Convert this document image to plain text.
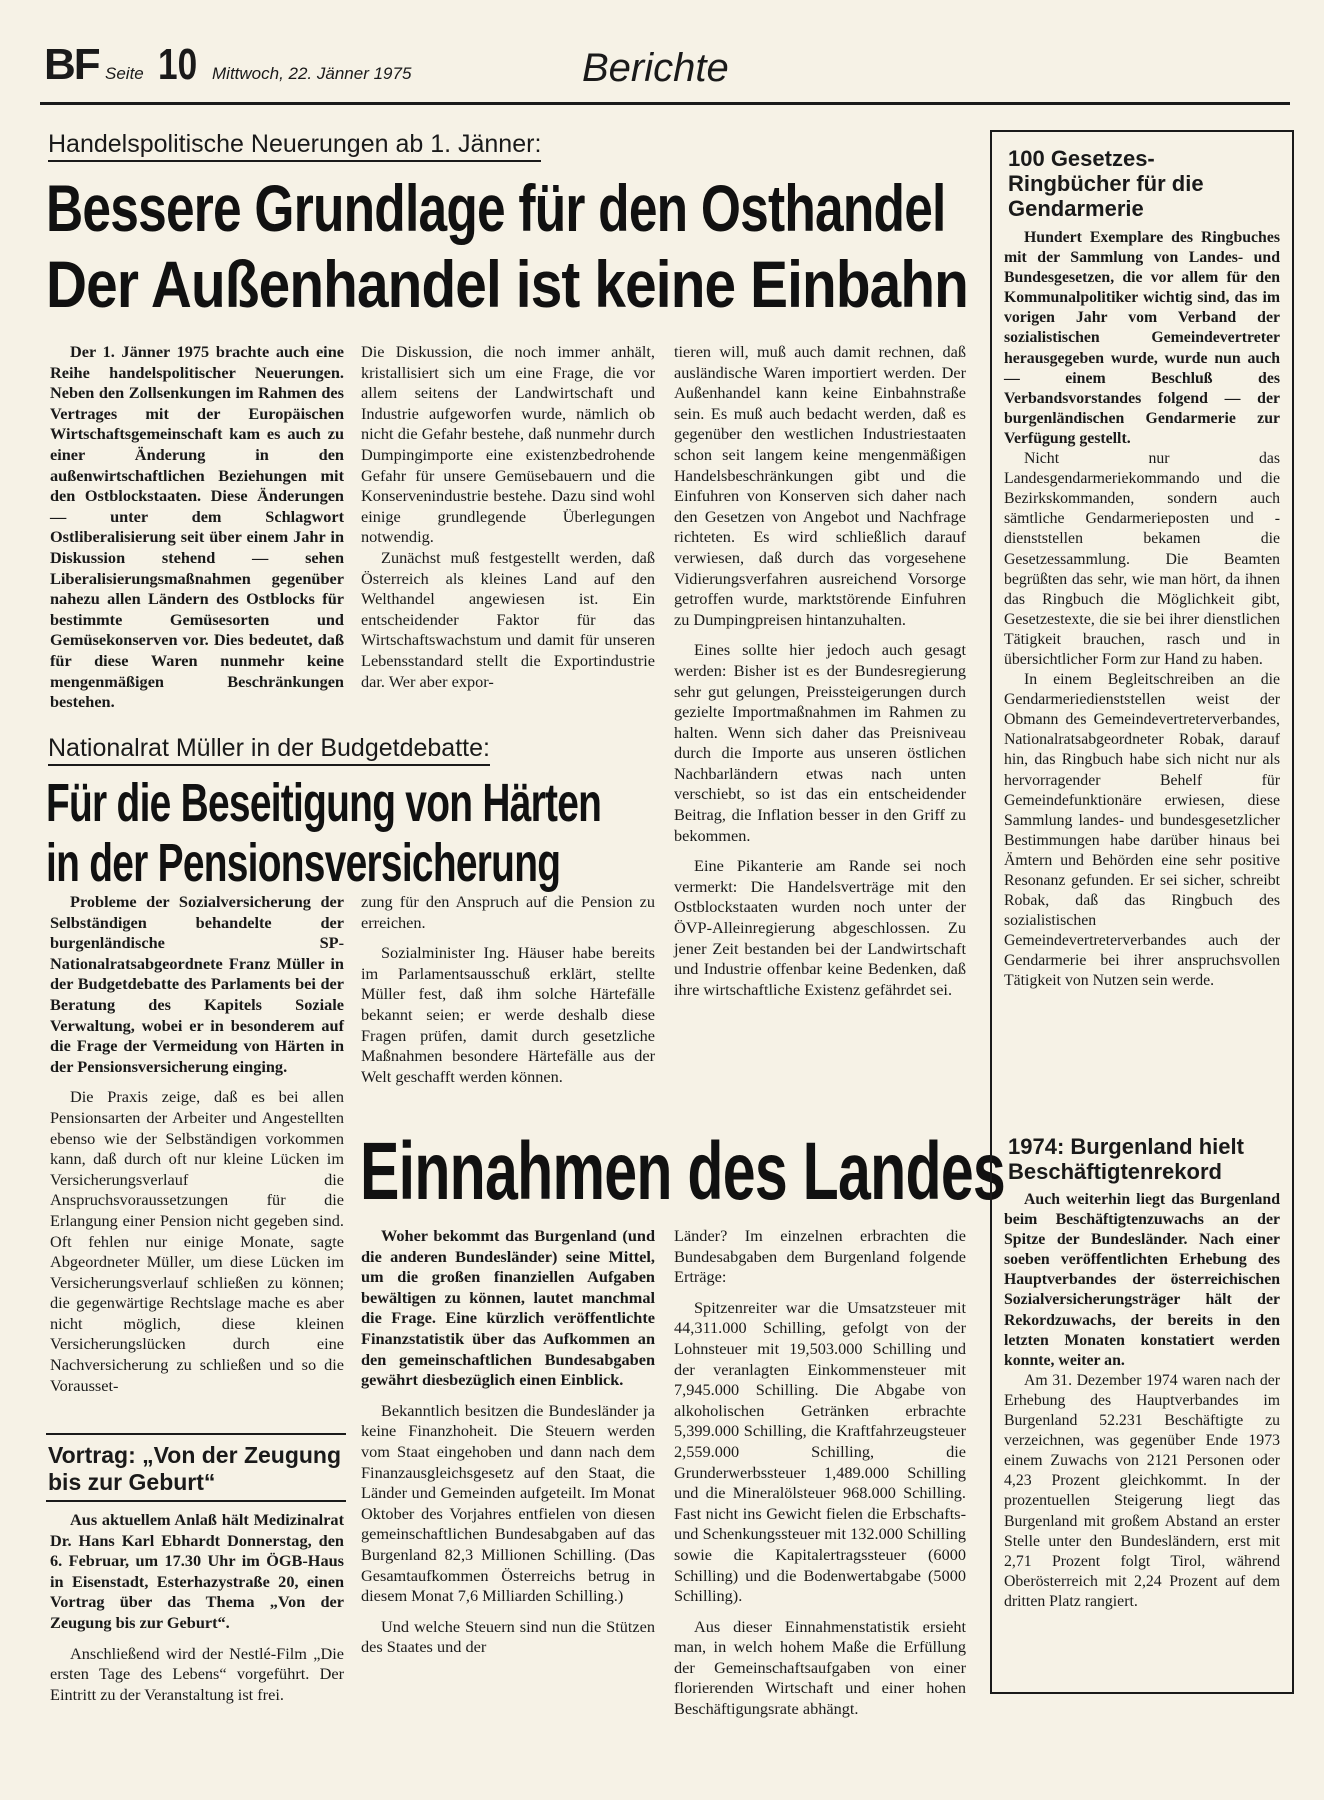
BF Seite 10 Mittwoch, 22. Jänner 1975	Berichte
Handelspolitische Neuerungen ab 1. Jänner:
Bessere Grundlage für den Osthandel
Der Außenhandel ist keine Einbahn

Der 1. Jänner 1975 brachte auch eine Reihe handelspolitischer Neuerungen. Neben den Zollsenkungen im Rahmen des Vertrages mit der Europäischen Wirtschaftsgemeinschaft kam es auch zu einer Änderung in den außenwirtschaftlichen Beziehungen mit den Ostblockstaaten. Diese Änderungen — unter dem Schlagwort Ostliberalisierung seit über einem Jahr in Diskussion stehend — sehen Liberalisierungsmaßnahmen gegenüber nahezu allen Ländern des Ostblocks für bestimmte Gemüsesorten und Gemüsekonserven vor. Dies bedeutet, daß für diese Waren nunmehr keine mengenmäßigen Beschränkungen bestehen.

Die Diskussion, die noch immer anhält, kristallisiert sich um eine Frage, die vor allem seitens der Landwirtschaft und Industrie aufgeworfen wurde, nämlich ob nicht die Gefahr bestehe, daß nunmehr durch Dumpingimporte eine existenzbedrohende Gefahr für unsere Gemüsebauern und die Konservenindustrie bestehe. Dazu sind wohl einige grundlegende Überlegungen notwendig.

Zunächst muß festgestellt werden, daß Österreich als kleines Land auf den Welthandel angewiesen ist. Ein entscheidender Faktor für das Wirtschaftswachstum und damit für unseren Lebensstandard stellt die Exportindustrie dar. Wer aber expor-

tieren will, muß auch damit rechnen, daß ausländische Waren importiert werden. Der Außenhandel kann keine Einbahnstraße sein. Es muß auch bedacht werden, daß es gegenüber den westlichen Industriestaaten schon seit langem keine mengenmäßigen Handelsbeschränkungen gibt und die Einfuhren von Konserven sich daher nach den Gesetzen von Angebot und Nachfrage richteten. Es wird schließlich darauf verwiesen, daß durch das vorgesehene Vidierungsverfahren ausreichend Vorsorge getroffen wurde, marktstörende Einfuhren zu Dumpingpreisen hintanzuhalten.

Eines sollte hier jedoch auch gesagt werden: Bisher ist es der Bundesregierung sehr gut gelungen, Preissteigerungen durch gezielte Importmaßnahmen im Rahmen zu halten. Wenn sich daher das Preisniveau durch die Importe aus unseren östlichen Nachbarländern etwas nach unten verschiebt, so ist das ein entscheidender Beitrag, die Inflation besser in den Griff zu bekommen.

Eine Pikanterie am Rande sei noch vermerkt: Die Handelsverträge mit den Ostblockstaaten wurden noch unter der ÖVP-Alleinregierung abgeschlossen. Zu jener Zeit bestanden bei der Landwirtschaft und Industrie offenbar keine Bedenken, daß ihre wirtschaftliche Existenz gefährdet sei.

Nationalrat Müller in der Budgetdebatte:
Für die Beseitigung von Härten
in der Pensionsversicherung

Probleme der Sozialversicherung der Selbständigen behandelte der burgenländische SP-Nationalratsabgeordnete Franz Müller in der Budgetdebatte des Parlaments bei der Beratung des Kapitels Soziale Verwaltung, wobei er in besonderem auf die Frage der Vermeidung von Härten in der Pensionsversicherung einging.

Die Praxis zeige, daß es bei allen Pensionsarten der Arbeiter und Angestellten ebenso wie der Selbständigen vorkommen kann, daß durch oft nur kleine Lücken im Versicherungsverlauf die Anspruchsvoraussetzungen für die Erlangung einer Pension nicht gegeben sind. Oft fehlen nur einige Monate, sagte Abgeordneter Müller, um diese Lücken im Versicherungsverlauf schließen zu können; die gegenwärtige Rechtslage mache es aber nicht möglich, diese kleinen Versicherungslücken durch eine Nachversicherung zu schließen und so die Vorausset-

zung für den Anspruch auf die Pension zu erreichen.

Sozialminister Ing. Häuser habe bereits im Parlamentsausschuß erklärt, stellte Müller fest, daß ihm solche Härtefälle bekannt seien; er werde deshalb diese Fragen prüfen, damit durch gesetzliche Maßnahmen besondere Härtefälle aus der Welt geschafft werden können.

Vortrag: „Von der Zeugung bis zur Geburt“

Aus aktuellem Anlaß hält Medizinalrat Dr. Hans Karl Ebhardt Donnerstag, den 6. Februar, um 17.30 Uhr im ÖGB-Haus in Eisenstadt, Esterhazystraße 20, einen Vortrag über das Thema „Von der Zeugung bis zur Geburt“.

Anschließend wird der Nestlé-Film „Die ersten Tage des Lebens“ vorgeführt. Der Eintritt zu der Veranstaltung ist frei.

Einnahmen des Landes

Woher bekommt das Burgenland (und die anderen Bundesländer) seine Mittel, um die großen finanziellen Aufgaben bewältigen zu können, lautet manchmal die Frage. Eine kürzlich veröffentlichte Finanzstatistik über das Aufkommen an den gemeinschaftlichen Bundesabgaben gewährt diesbezüglich einen Einblick.

Bekanntlich besitzen die Bundesländer ja keine Finanzhoheit. Die Steuern werden vom Staat eingehoben und dann nach dem Finanzausgleichsgesetz auf den Staat, die Länder und Gemeinden aufgeteilt. Im Monat Oktober des Vorjahres entfielen von diesen gemeinschaftlichen Bundesabgaben auf das Burgenland 82,3 Millionen Schilling. (Das Gesamtaufkommen Österreichs betrug in diesem Monat 7,6 Milliarden Schilling.)

Und welche Steuern sind nun die Stützen des Staates und der

Länder? Im einzelnen erbrachten die Bundesabgaben dem Burgenland folgende Erträge:

Spitzenreiter war die Umsatzsteuer mit 44,311.000 Schilling, gefolgt von der Lohnsteuer mit 19,503.000 Schilling und der veranlagten Einkommensteuer mit 7,945.000 Schilling. Die Abgabe von alkoholischen Getränken erbrachte 5,399.000 Schilling, die Kraftfahrzeugsteuer 2,559.000 Schilling, die Grunderwerbssteuer 1,489.000 Schilling und die Mineralölsteuer 968.000 Schilling. Fast nicht ins Gewicht fielen die Erbschafts- und Schenkungssteuer mit 132.000 Schilling sowie die Kapitalertragssteuer (6000 Schilling) und die Bodenwertabgabe (5000 Schilling).

Aus dieser Einnahmenstatistik ersieht man, in welch hohem Maße die Erfüllung der Gemeinschaftsaufgaben von einer florierenden Wirtschaft und einer hohen Beschäftigungsrate abhängt.

100 Gesetzes-Ringbücher für die Gendarmerie

Hundert Exemplare des Ringbuches mit der Sammlung von Landes- und Bundesgesetzen, die vor allem für den Kommunalpolitiker wichtig sind, das im vorigen Jahr vom Verband der sozialistischen Gemeindevertreter herausgegeben wurde, wurde nun auch — einem Beschluß des Verbandsvorstandes folgend — der burgenländischen Gendarmerie zur Verfügung gestellt.

Nicht nur das Landesgendarmeriekommando und die Bezirkskommanden, sondern auch sämtliche Gendarmerieposten und -dienststellen bekamen die Gesetzessammlung. Die Beamten begrüßten das sehr, wie man hört, da ihnen das Ringbuch die Möglichkeit gibt, Gesetzestexte, die sie bei ihrer dienstlichen Tätigkeit brauchen, rasch und in übersichtlicher Form zur Hand zu haben.

In einem Begleitschreiben an die Gendarmeriedienststellen weist der Obmann des Gemeindevertreterverbandes, Nationalratsabgeordneter Robak, darauf hin, das Ringbuch habe sich nicht nur als hervorragender Behelf für Gemeindefunktionäre erwiesen, diese Sammlung landes- und bundesgesetzlicher Bestimmungen habe darüber hinaus bei Ämtern und Behörden eine sehr positive Resonanz gefunden. Er sei sicher, schreibt Robak, daß das Ringbuch des sozialistischen Gemeindevertreterverbandes auch der Gendarmerie bei ihrer anspruchsvollen Tätigkeit von Nutzen sein werde.

1974: Burgenland hielt Beschäftigtenrekord

Auch weiterhin liegt das Burgenland beim Beschäftigtenzuwachs an der Spitze der Bundesländer. Nach einer soeben veröffentlichten Erhebung des Hauptverbandes der österreichischen Sozialversicherungsträger hält der Rekordzuwachs, der bereits in den letzten Monaten konstatiert werden konnte, weiter an.

Am 31. Dezember 1974 waren nach der Erhebung des Hauptverbandes im Burgenland 52.231 Beschäftigte zu verzeichnen, was gegenüber Ende 1973 einem Zuwachs von 2121 Personen oder 4,23 Prozent gleichkommt. In der prozentuellen Steigerung liegt das Burgenland mit großem Abstand an erster Stelle unter den Bundesländern, erst mit 2,71 Prozent folgt Tirol, während Oberösterreich mit 2,24 Prozent auf dem dritten Platz rangiert.
